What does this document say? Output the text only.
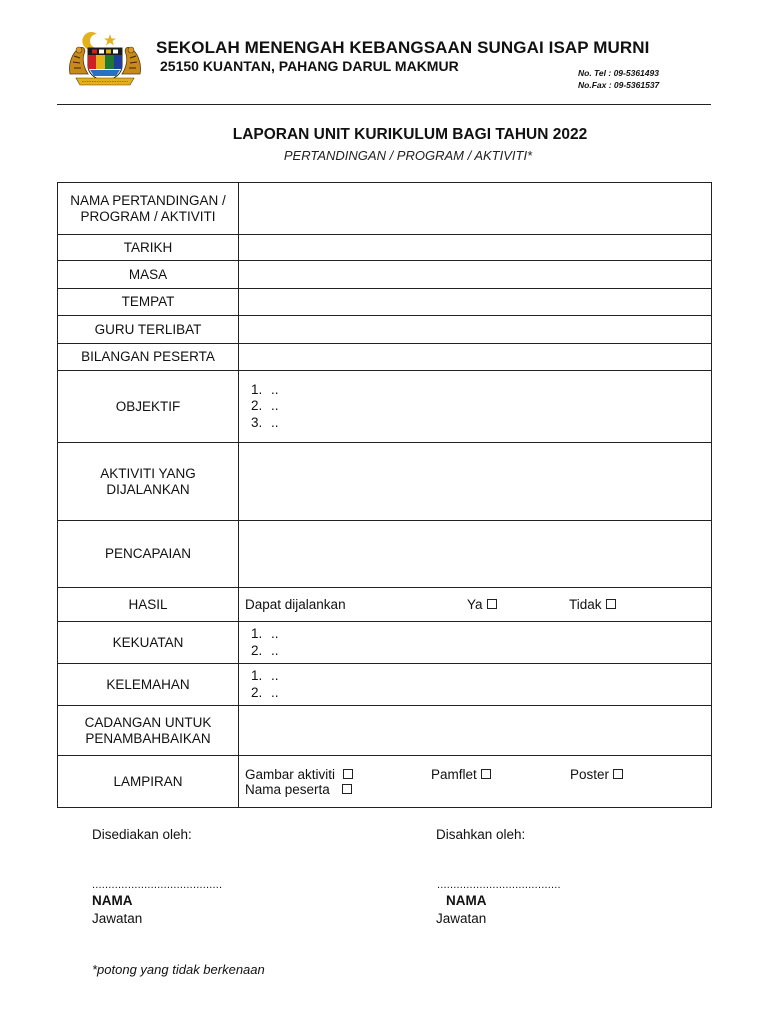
SEKOLAH MENENGAH KEBANGSAAN SUNGAI ISAP MURNI
25150 KUANTAN, PAHANG DARUL MAKMUR	No. Tel : 09-5361493
No.Fax : 09-5361537
LAPORAN UNIT KURIKULUM BAGI TAHUN 2022
PERTANDINGAN / PROGRAM / AKTIVITI*
NAMA PERTANDINGAN / PROGRAM / AKTIVITI	
TARIKH	
MASA	
TEMPAT	
GURU TERLIBAT	
BILANGAN PESERTA	
OBJEKTIF	1. ..
2. ..
3. ..

AKTIVITI YANG DIJALANKAN	
PENCAPAIAN	
HASIL	Dapat dijalankan Ya Tidak

KEKUATAN	1. ..
2. ..

KELEMAHAN	1. ..
2. ..

CADANGAN UNTUK PENAMBAHBAIKAN	
LAMPIRAN	Gambar aktiviti Pamflet Poster
Nama peserta
Disediakan oleh:	Disahkan oleh:
........................................	......................................
NAMA	NAMA
Jawatan	Jawatan
*potong yang tidak berkenaan
